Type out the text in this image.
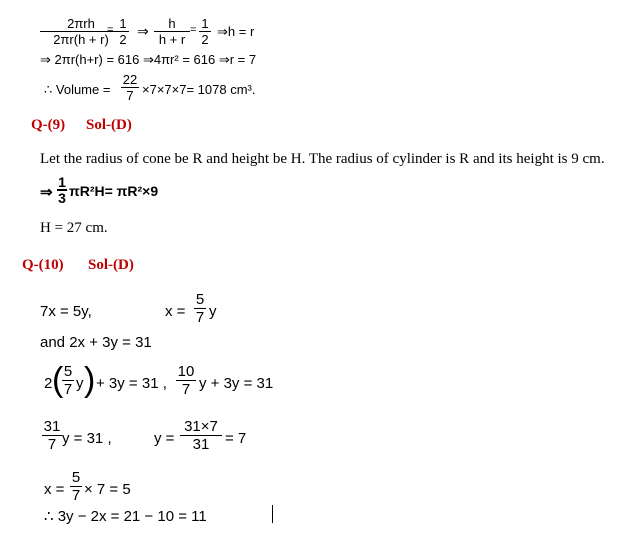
2πrh
2πr(h + r)
= 1
2
⇒	h
h + r
= 1
2
⇒h = r
⇒ 2πr(h+r) = 616 ⇒4πr² = 616 ⇒r = 7
∴ Volume =
22
7 ×7×7×7= 1078 cm³.
Q-(9) Sol-(D)
Let the radius of cone be R and height be H. The radius of cylinder is R and its height is 9 cm.
⇒
1
3 πR²H= πR²×9
H = 27 cm.
Q-(10) Sol-(D)
7x = 5y,	x =
5
7 y
and 2x + 3y = 31
2 ( 5
7 y ) + 3y = 31 ,
10
7 y + 3y = 31
31
7 y = 31 ,	y =
31×7
31	= 7
x =
5
7 × 7 = 5
∴ 3y − 2x = 21 − 10 = 11
